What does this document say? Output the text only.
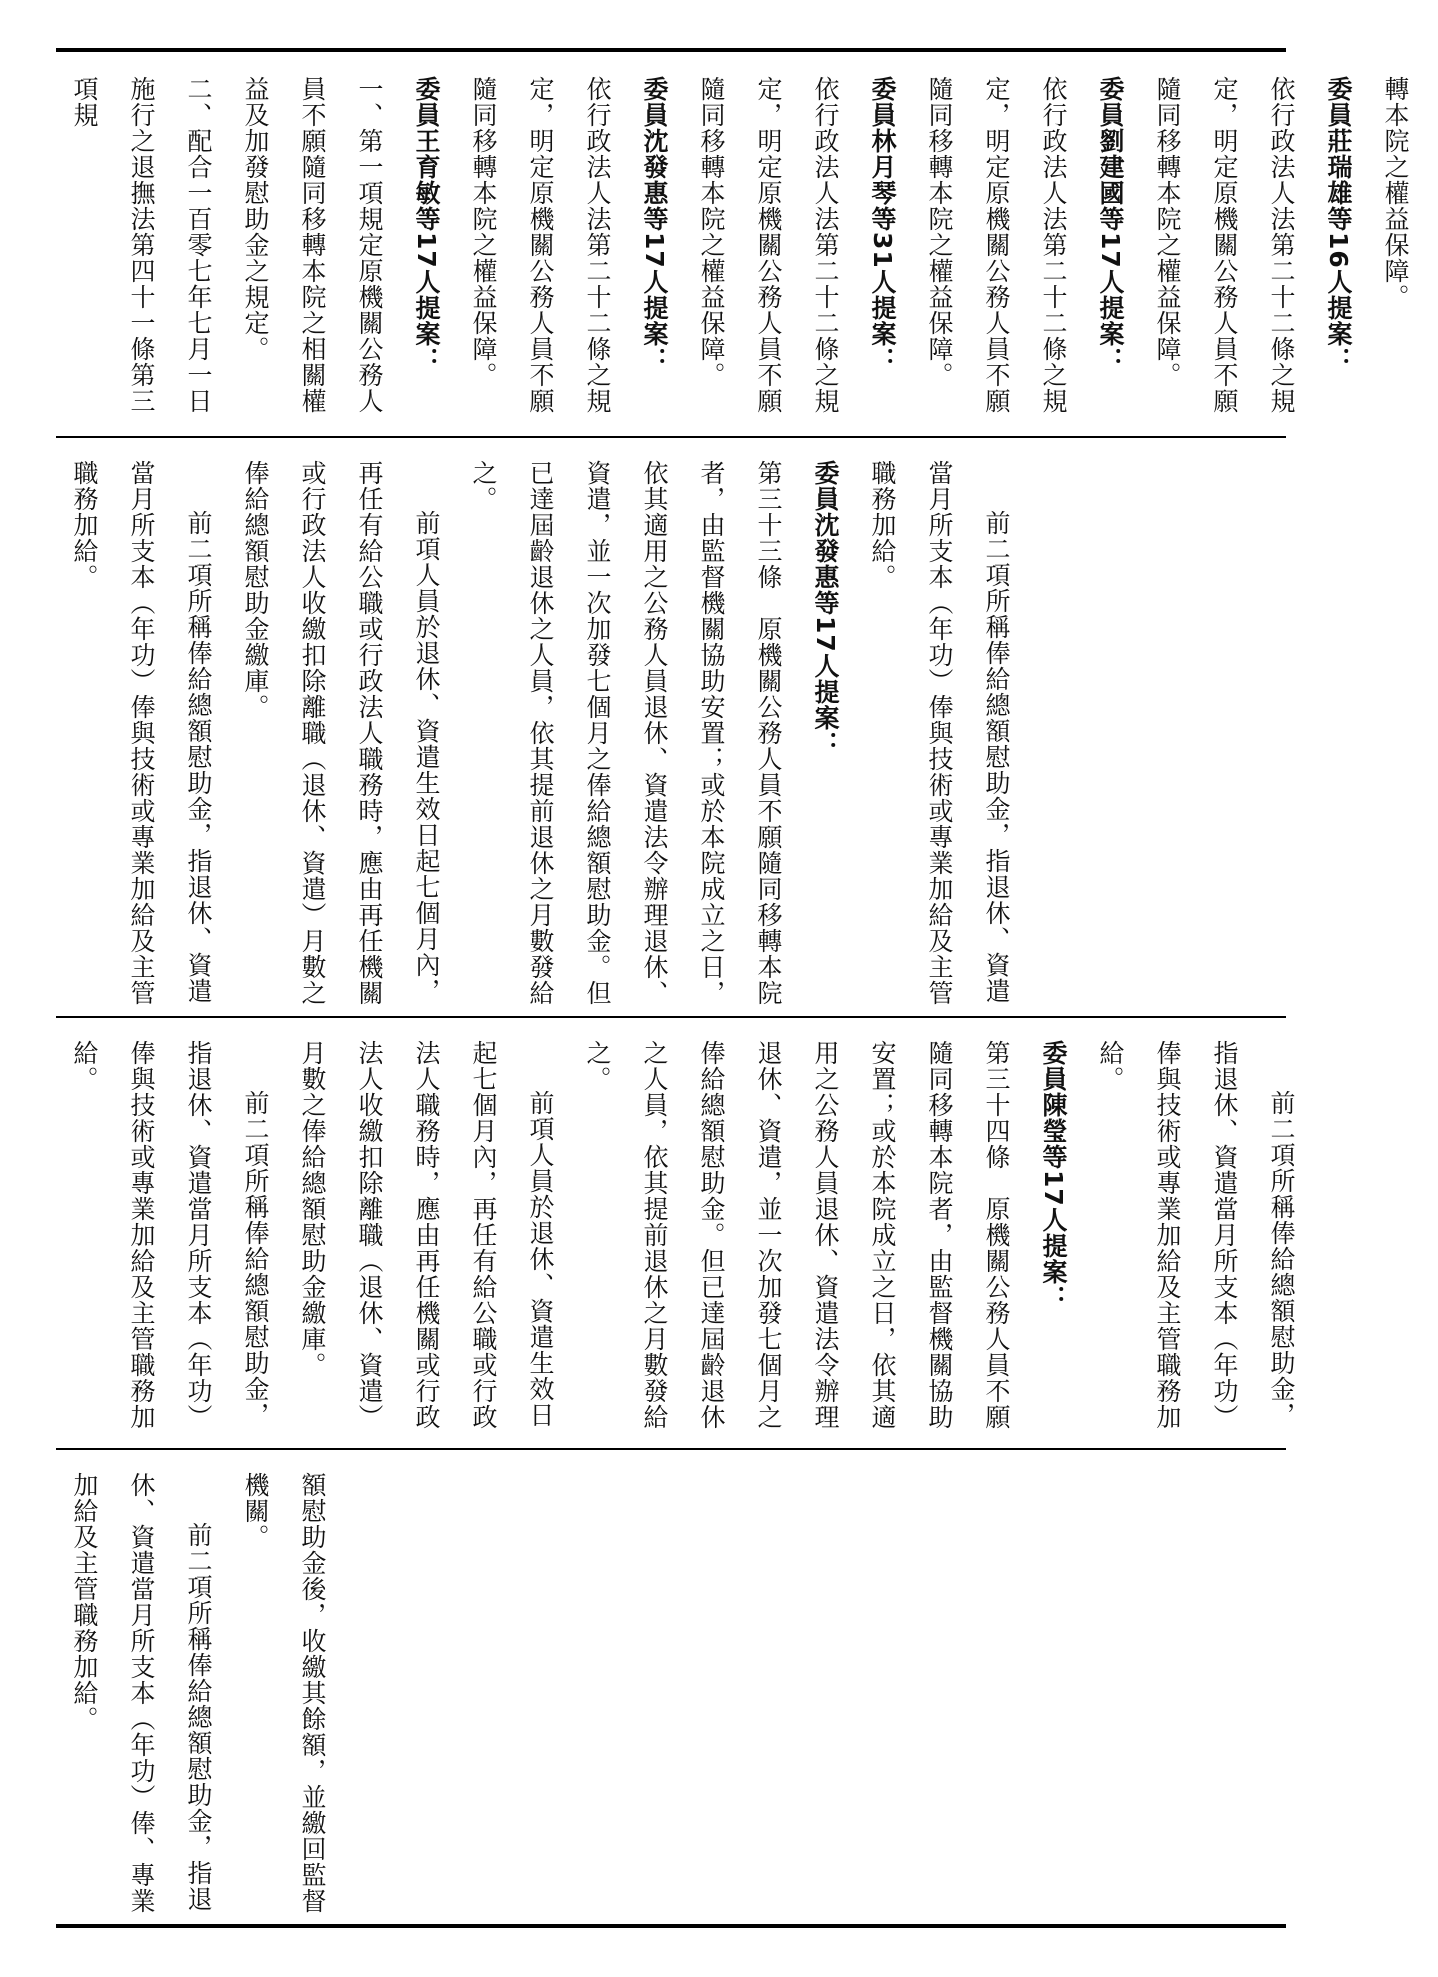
轉本院之權益保障。

委員莊瑞雄等16人提案：

依行政法人法第二十二條之規定，明定原機關公務人員不願隨同移轉本院之權益保障。

委員劉建國等17人提案：

依行政法人法第二十二條之規定，明定原機關公務人員不願隨同移轉本院之權益保障。

委員林月琴等31人提案：

依行政法人法第二十二條之規定，明定原機關公務人員不願隨同移轉本院之權益保障。

委員沈發惠等17人提案：

依行政法人法第二十二條之規定，明定原機關公務人員不願隨同移轉本院之權益保障。

委員王育敏等17人提案：

一、第一項規定原機關公務人員不願隨同移轉本院之相關權益及加發慰助金之規定。

二、配合一百零七年七月一日施行之退撫法第四十一條第三項規

前二項所稱俸給總額慰助金，指退休、資遣當月所支本（年功）俸與技術或專業加給及主管職務加給。

委員沈發惠等17人提案：

第三十三條　原機關公務人員不願隨同移轉本院者，由監督機關協助安置；或於本院成立之日，依其適用之公務人員退休、資遣法令辦理退休、資遣，並一次加發七個月之俸給總額慰助金。但已達屆齡退休之人員，依其提前退休之月數發給之。

前項人員於退休、資遣生效日起七個月內，再任有給公職或行政法人職務時，應由再任機關或行政法人收繳扣除離職（退休、資遣）月數之俸給總額慰助金繳庫。

前二項所稱俸給總額慰助金，指退休、資遣當月所支本（年功）俸與技術或專業加給及主管職務加給。

前二項所稱俸給總額慰助金，指退休、資遣當月所支本（年功）俸與技術或專業加給及主管職務加給。

委員陳瑩等17人提案：

第三十四條　原機關公務人員不願隨同移轉本院者，由監督機關協助安置；或於本院成立之日，依其適用之公務人員退休、資遣法令辦理退休、資遣，並一次加發七個月之俸給總額慰助金。但已達屆齡退休之人員，依其提前退休之月數發給之。

前項人員於退休、資遣生效日起七個月內，再任有給公職或行政法人職務時，應由再任機關或行政法人收繳扣除離職（退休、資遣）月數之俸給總額慰助金繳庫。

前二項所稱俸給總額慰助金，指退休、資遣當月所支本（年功）俸與技術或專業加給及主管職務加給。

額慰助金後，收繳其餘額，並繳回監督機關。

前二項所稱俸給總額慰助金，指退休、資遣當月所支本（年功）俸、專業加給及主管職務加給。
